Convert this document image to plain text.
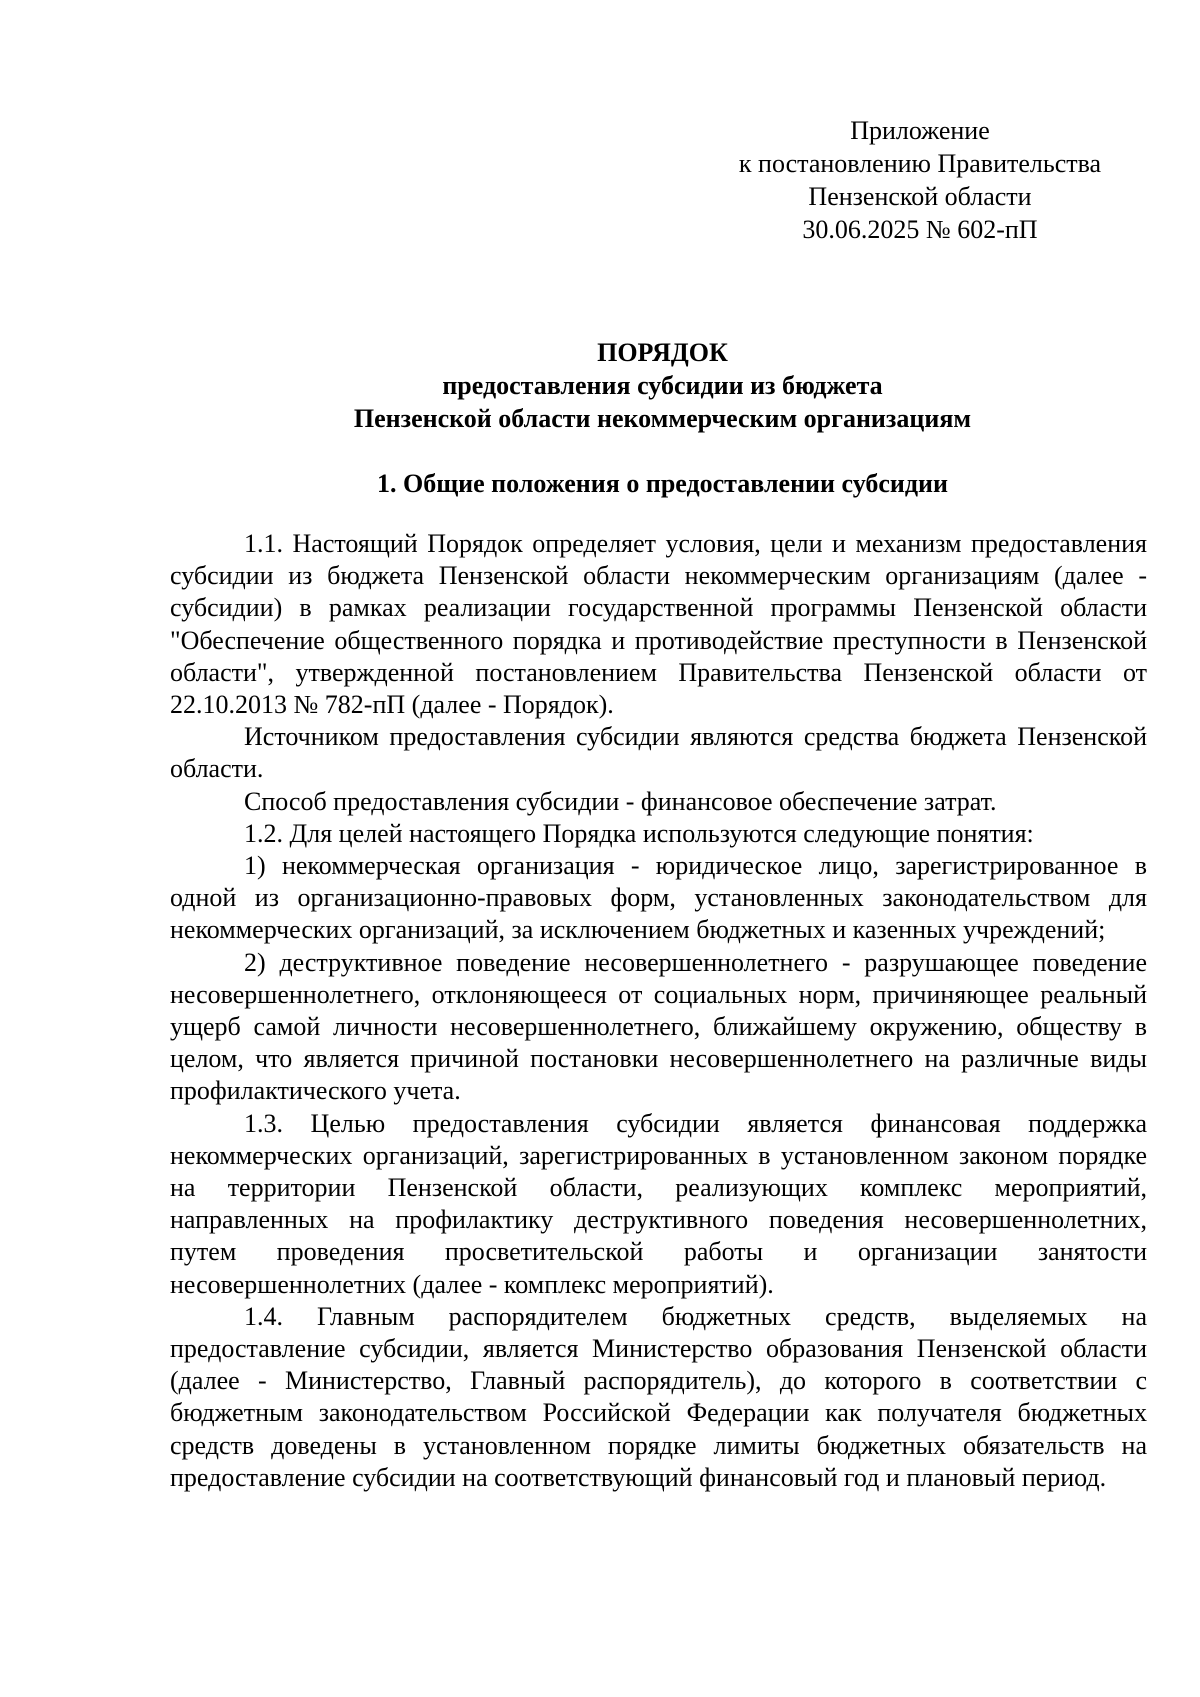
Приложение
к постановлению Правительства
Пензенской области
30.06.2025 № 602-пП
ПОРЯДОК
предоставления субсидии из бюджета
Пензенской области некоммерческим организациям
1. Общие положения о предоставлении субсидии

1.1. Настоящий Порядок определяет условия, цели и механизм предоставления субсидии из бюджета Пензенской области некоммерческим организациям (далее - субсидии) в рамках реализации государственной программы Пензенской области "Обеспечение общественного порядка и противодействие преступности в Пензенской области", утвержденной постановлением Правительства Пензенской области от 22.10.2013 № 782-пП (далее - Порядок).

Источником предоставления субсидии являются средства бюджета Пензенской области.

Способ предоставления субсидии - финансовое обеспечение затрат.

1.2. Для целей настоящего Порядка используются следующие понятия:

1) некоммерческая организация - юридическое лицо, зарегистрированное в одной из организационно-правовых форм, установленных законодательством для некоммерческих организаций, за исключением бюджетных и казенных учреждений;

2) деструктивное поведение несовершеннолетнего - разрушающее поведение несовершеннолетнего, отклоняющееся от социальных норм, причиняющее реальный ущерб самой личности несовершеннолетнего, ближайшему окружению, обществу в целом, что является причиной постановки несовершеннолетнего на различные виды профилактического учета.

1.3. Целью предоставления субсидии является финансовая поддержка некоммерческих организаций, зарегистрированных в установленном законом порядке на территории Пензенской области, реализующих комплекс мероприятий, направленных на профилактику деструктивного поведения несовершеннолетних, путем проведения просветительской работы и организации занятости несовершеннолетних (далее - комплекс мероприятий).

1.4. Главным распорядителем бюджетных средств, выделяемых на предоставление субсидии, является Министерство образования Пензенской области (далее - Министерство, Главный распорядитель), до которого в соответствии с бюджетным законодательством Российской Федерации как получателя бюджетных средств доведены в установленном порядке лимиты бюджетных обязательств на предоставление субсидии на соответствующий финансовый год и плановый период.
